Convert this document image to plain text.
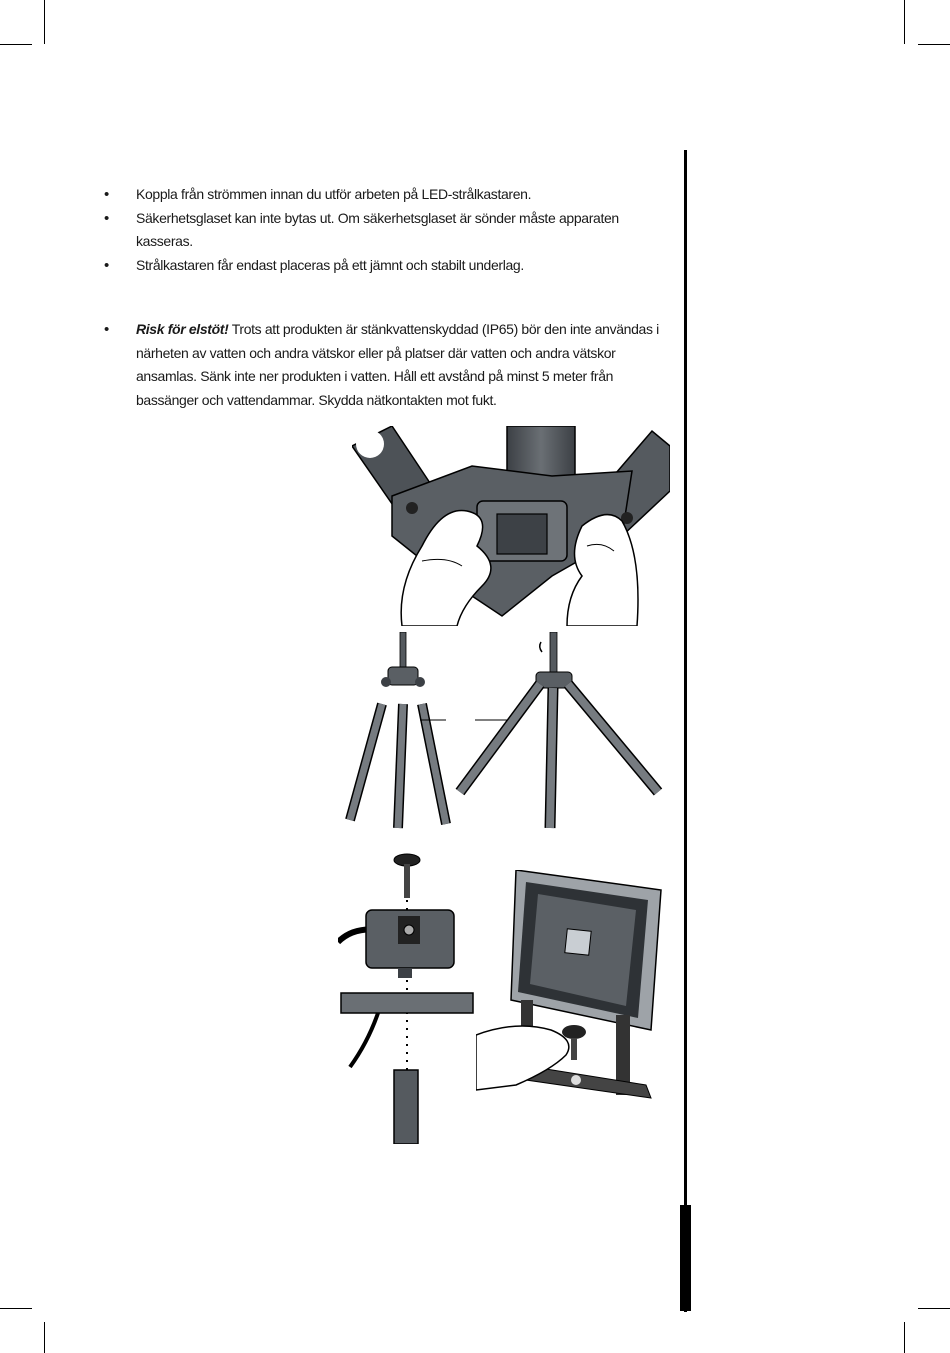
• Koppla från strömmen innan du utför arbeten på LED-strålkastaren.
• Säkerhetsglaset kan inte bytas ut. Om säkerhetsglaset är sönder måste apparaten kasseras.
• Strålkastaren får endast placeras på ett jämnt och stabilt underlag.
• Risk för elstöt! Trots att produkten är stänkvattenskyddad (IP65) bör den inte användas i närheten av vatten och andra vätskor eller på platser där vatten och andra vätskor ansamlas. Sänk inte ner produkten i vatten. Håll ett avstånd på minst 5 meter från bassänger och vattendammar. Skydda nätkontakten mot fukt.
